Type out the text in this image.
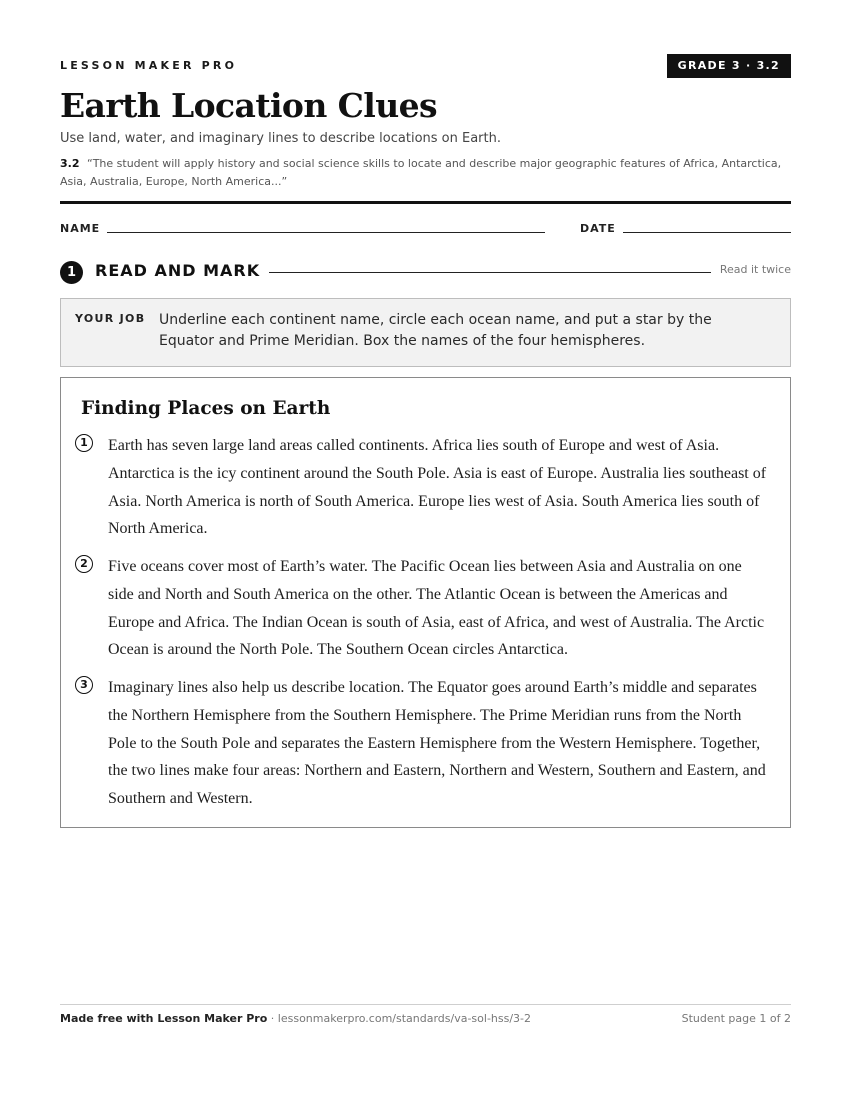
LESSON MAKER PRO	GRADE 3 · 3.2
Earth Location Clues
Use land, water, and imaginary lines to describe locations on Earth.
3.2 “The student will apply history and social science skills to locate and describe major geographic features of Africa, Antarctica, Asia, Australia, Europe, North America...”
NAME	DATE
1	READ AND MARK	Read it twice
YOUR JOB Underline each continent name, circle each ocean name, and put a star by the Equator and Prime Meridian. Box the names of the four hemispheres.
Finding Places on Earth
1	Earth has seven large land areas called continents. Africa lies south of Europe and west of Asia. Antarctica is the icy continent around the South Pole. Asia is east of Europe. Australia lies southeast of Asia. North America is north of South America. Europe lies west of Asia. South America lies south of North America.
2	Five oceans cover most of Earth’s water. The Pacific Ocean lies between Asia and Australia on one side and North and South America on the other. The Atlantic Ocean is between the Americas and Europe and Africa. The Indian Ocean is south of Asia, east of Africa, and west of Australia. The Arctic Ocean is around the North Pole. The Southern Ocean circles Antarctica.
3	Imaginary lines also help us describe location. The Equator goes around Earth’s middle and separates the Northern Hemisphere from the Southern Hemisphere. The Prime Meridian runs from the North Pole to the South Pole and separates the Eastern Hemisphere from the Western Hemisphere. Together, the two lines make four areas: Northern and Eastern, Northern and Western, Southern and Eastern, and Southern and Western.
Made free with Lesson Maker Pro · lessonmakerpro.com/standards/va-sol-hss/3-2	Student page 1 of 2
